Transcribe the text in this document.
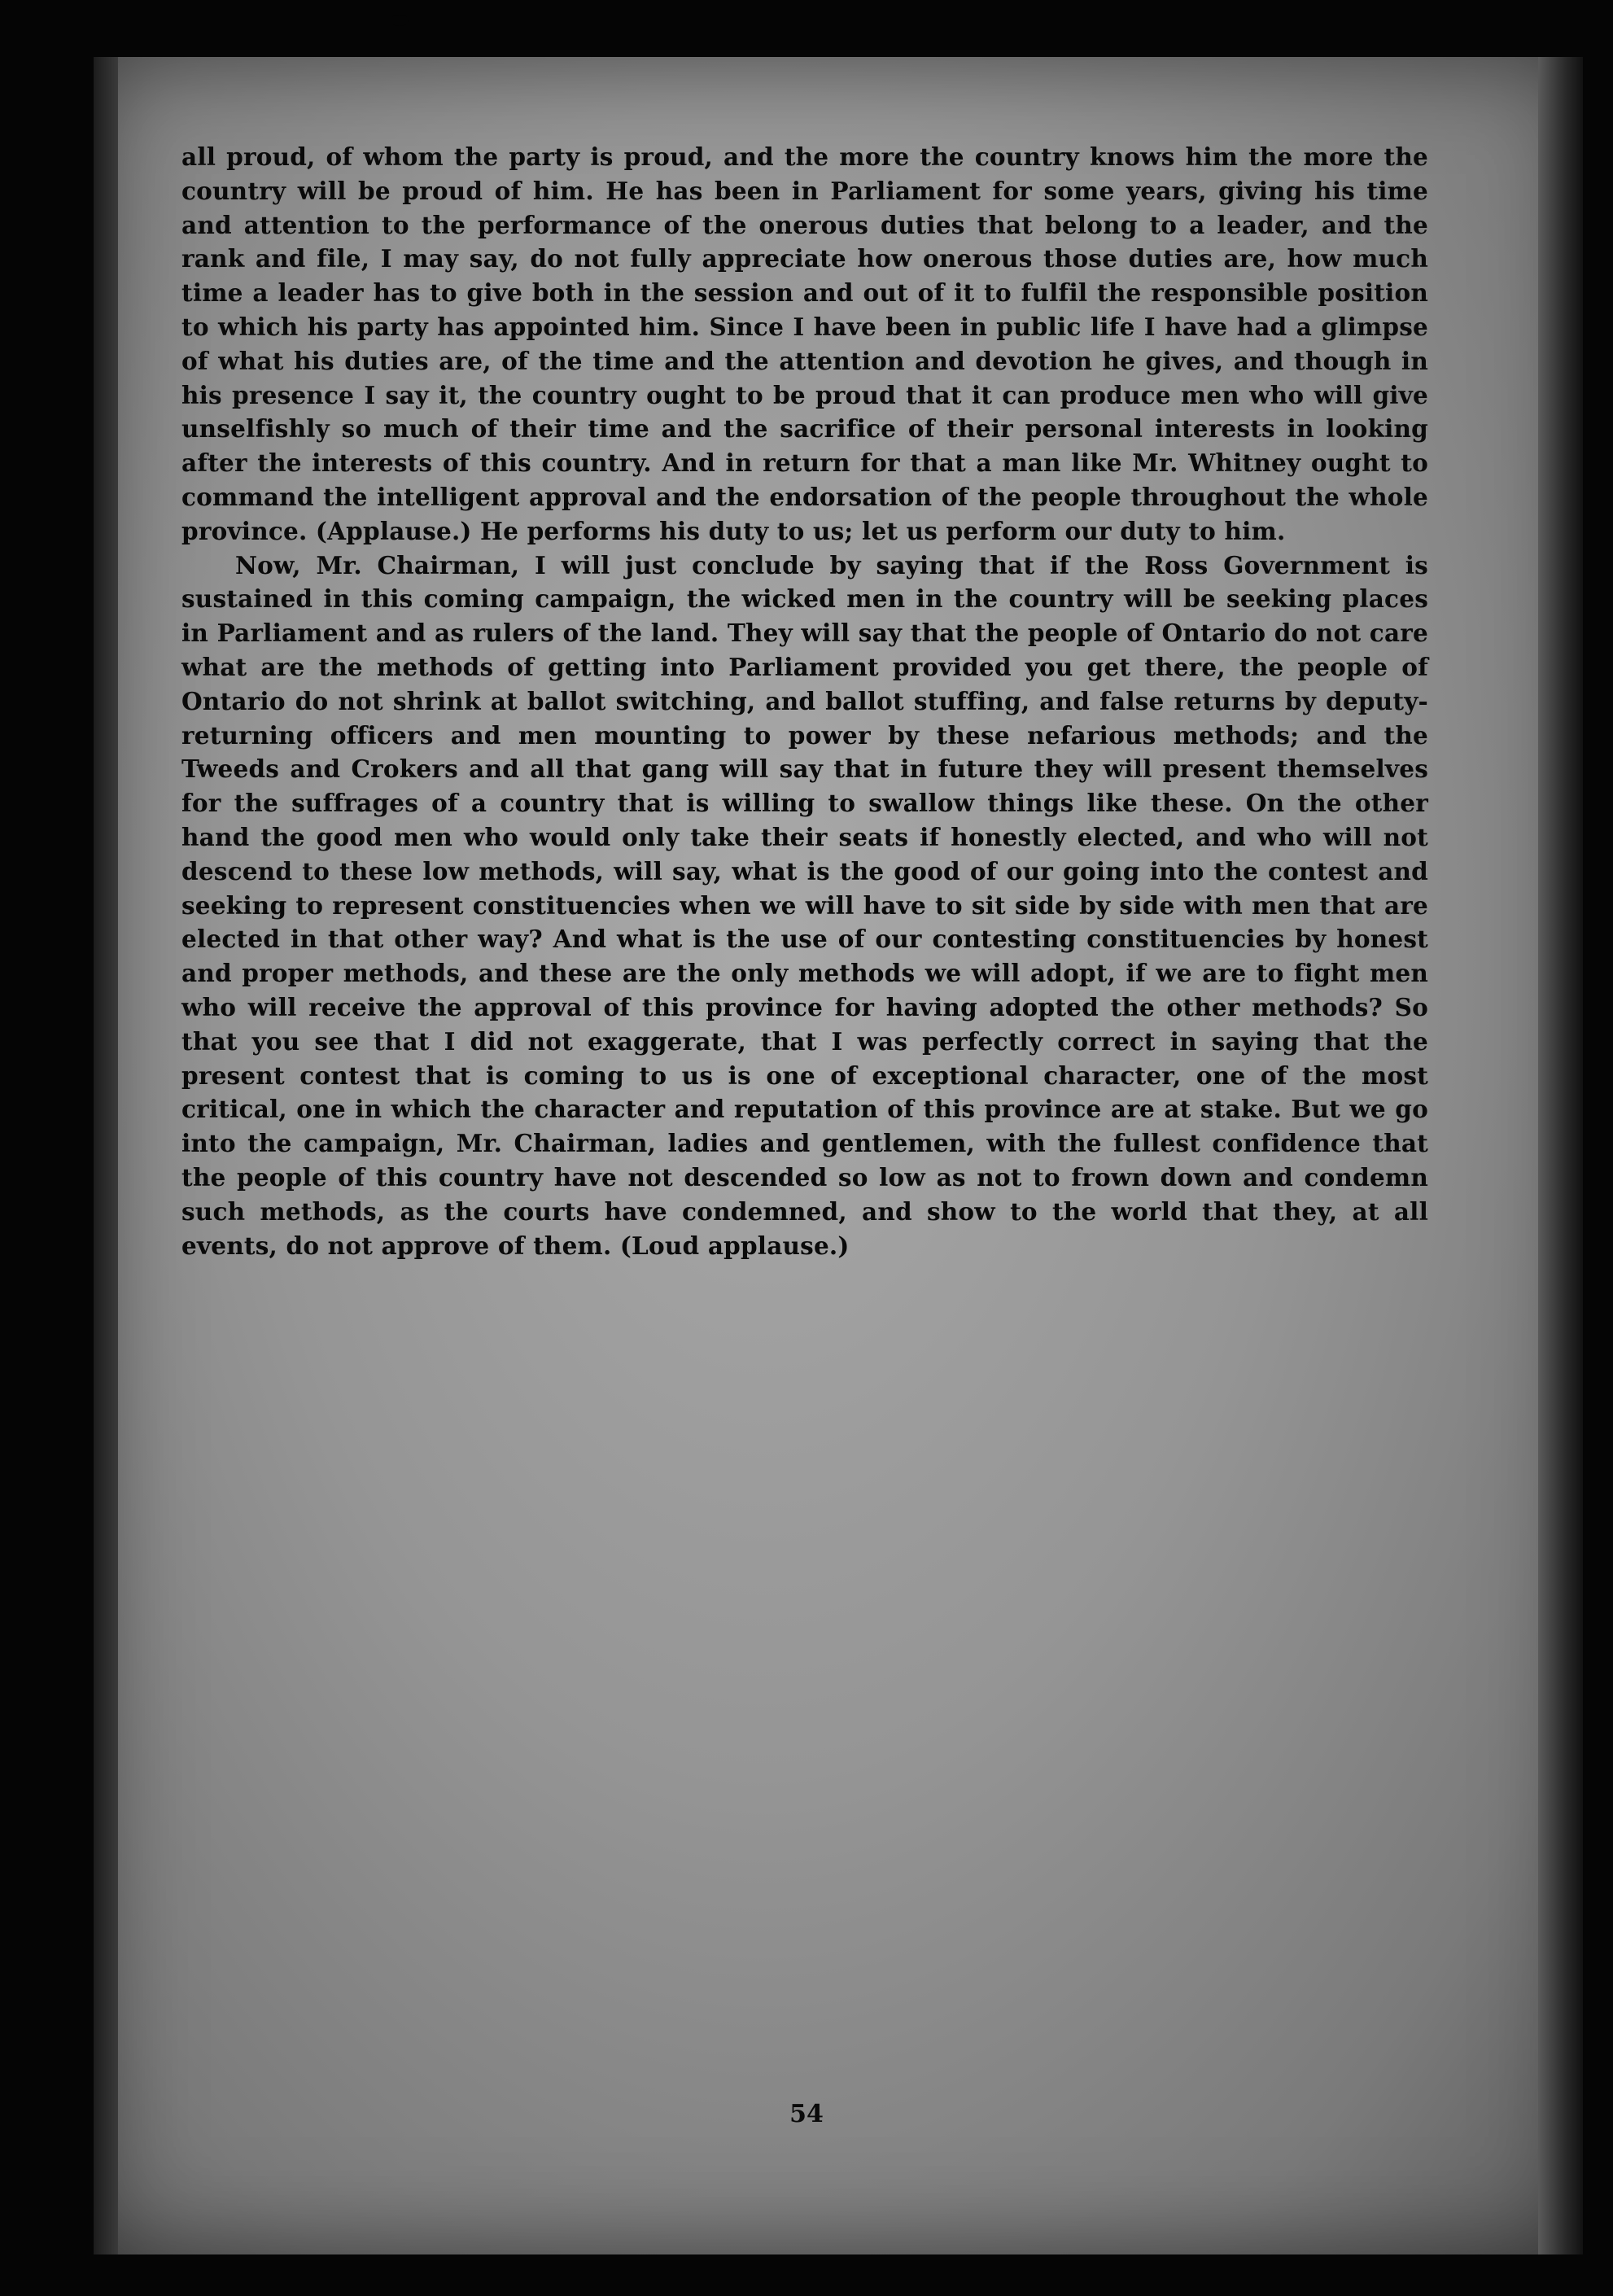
all proud, of whom the party is proud, and the more the country knows him the more the country will be proud of him. He has been in Parliament for some years, giving his time and attention to the performance of the onerous duties that belong to a leader, and the rank and file, I may say, do not fully appreciate how onerous those duties are, how much time a leader has to give both in the session and out of it to fulfil the responsible position to which his party has appointed him. Since I have been in public life I have had a glimpse of what his duties are, of the time and the attention and devotion he gives, and though in his presence I say it, the country ought to be proud that it can produce men who will give unselfishly so much of their time and the sacrifice of their personal interests in looking after the interests of this country. And in return for that a man like Mr. Whitney ought to command the intelligent approval and the endorsation of the people throughout the whole province. (Applause.) He performs his duty to us; let us perform our duty to him.

Now, Mr. Chairman, I will just conclude by saying that if the Ross Government is sustained in this coming campaign, the wicked men in the country will be seeking places in Parliament and as rulers of the land. They will say that the people of Ontario do not care what are the methods of getting into Parliament provided you get there, the people of Ontario do not shrink at ballot switching, and ballot stuffing, and false returns by deputy-returning officers and men mounting to power by these nefarious methods; and the Tweeds and Crokers and all that gang will say that in future they will present themselves for the suffrages of a country that is willing to swallow things like these. On the other hand the good men who would only take their seats if honestly elected, and who will not descend to these low methods, will say, what is the good of our going into the contest and seeking to represent constituencies when we will have to sit side by side with men that are elected in that other way? And what is the use of our contesting constituencies by honest and proper methods, and these are the only methods we will adopt, if we are to fight men who will receive the approval of this province for having adopted the other methods? So that you see that I did not exaggerate, that I was perfectly correct in saying that the present contest that is coming to us is one of exceptional character, one of the most critical, one in which the character and reputation of this province are at stake. But we go into the campaign, Mr. Chairman, ladies and gentlemen, with the fullest confidence that the people of this country have not descended so low as not to frown down and condemn such methods, as the courts have condemned, and show to the world that they, at all events, do not approve of them. (Loud applause.)

54
